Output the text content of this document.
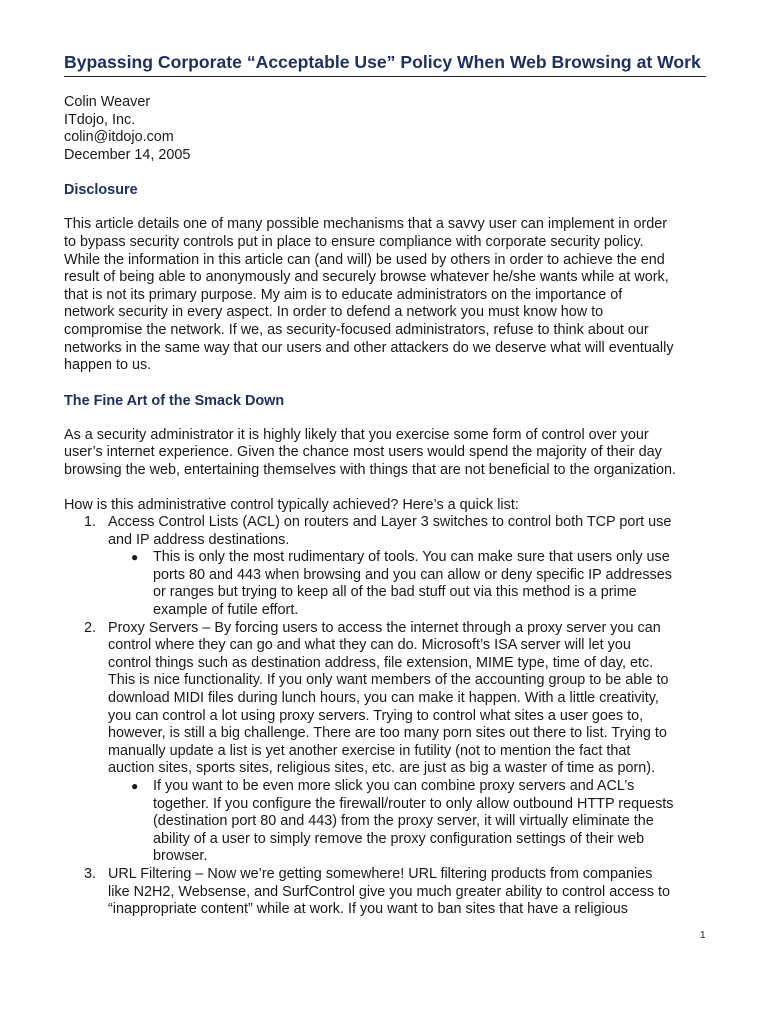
Bypassing Corporate “Acceptable Use” Policy When Web Browsing at Work
Colin Weaver
ITdojo, Inc.
colin@itdojo.com
December 14, 2005
Disclosure

This article details one of many possible mechanisms that a savvy user can implement in order
to bypass security controls put in place to ensure compliance with corporate security policy.
While the information in this article can (and will) be used by others in order to achieve the end
result of being able to anonymously and securely browse whatever he/she wants while at work,
that is not its primary purpose. My aim is to educate administrators on the importance of
network security in every aspect. In order to defend a network you must know how to
compromise the network. If we, as security-focused administrators, refuse to think about our
networks in the same way that our users and other attackers do we deserve what will eventually
happen to us.

The Fine Art of the Smack Down

As a security administrator it is highly likely that you exercise some form of control over your
user’s internet experience. Given the chance most users would spend the majority of their day
browsing the web, entertaining themselves with things that are not beneficial to the organization.

How is this administrative control typically achieved? Here’s a quick list:

1. Access Control Lists (ACL) on routers and Layer 3 switches to control both TCP port use
and IP address destinations.
● This is only the most rudimentary of tools. You can make sure that users only use
ports 80 and 443 when browsing and you can allow or deny specific IP addresses
or ranges but trying to keep all of the bad stuff out via this method is a prime
example of futile effort.
2. Proxy Servers – By forcing users to access the internet through a proxy server you can
control where they can go and what they can do. Microsoft’s ISA server will let you
control things such as destination address, file extension, MIME type, time of day, etc.
This is nice functionality. If you only want members of the accounting group to be able to
download MIDI files during lunch hours, you can make it happen. With a little creativity,
you can control a lot using proxy servers. Trying to control what sites a user goes to,
however, is still a big challenge. There are too many porn sites out there to list. Trying to
manually update a list is yet another exercise in futility (not to mention the fact that
auction sites, sports sites, religious sites, etc. are just as big a waster of time as porn).
● If you want to be even more slick you can combine proxy servers and ACL’s
together. If you configure the firewall/router to only allow outbound HTTP requests
(destination port 80 and 443) from the proxy server, it will virtually eliminate the
ability of a user to simply remove the proxy configuration settings of their web
browser.
3. URL Filtering – Now we’re getting somewhere! URL filtering products from companies
like N2H2, Websense, and SurfControl give you much greater ability to control access to
“inappropriate content” while at work. If you want to ban sites that have a religious
1
